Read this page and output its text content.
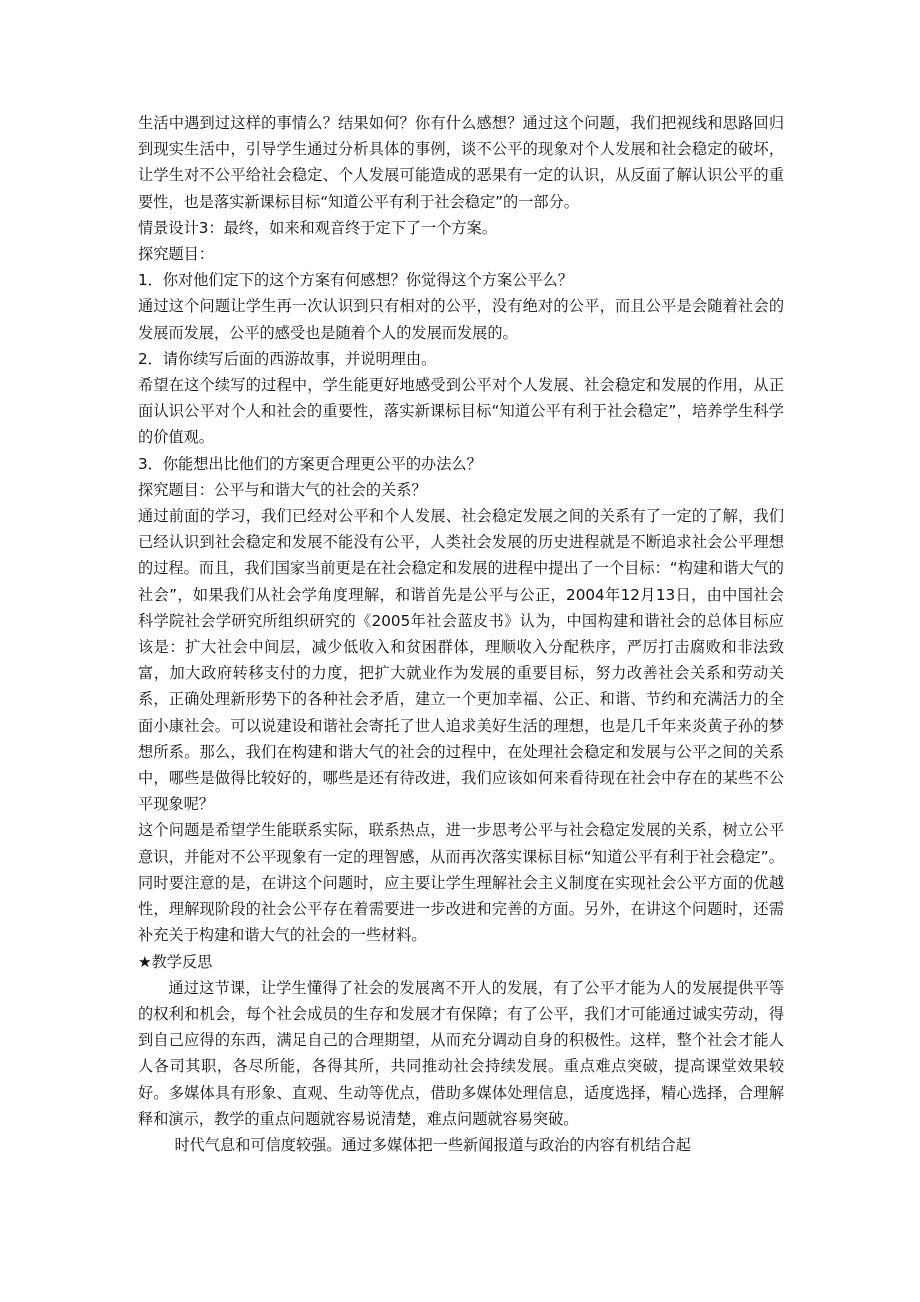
生活中遇到过这样的事情么？结果如何？你有什么感想？通过这个问题，我们把视线和思路回归到现实生活中，引导学生通过分析具体的事例，谈不公平的现象对个人发展和社会稳定的破坏，让学生对不公平给社会稳定、个人发展可能造成的恶果有一定的认识，从反面了解认识公平的重要性，也是落实新课标目标“知道公平有利于社会稳定”的一部分。

情景设计3：最终，如来和观音终于定下了一个方案。

探究题目：

1．你对他们定下的这个方案有何感想？你觉得这个方案公平么？

通过这个问题让学生再一次认识到只有相对的公平，没有绝对的公平，而且公平是会随着社会的发展而发展，公平的感受也是随着个人的发展而发展的。

2．请你续写后面的西游故事，并说明理由。

希望在这个续写的过程中，学生能更好地感受到公平对个人发展、社会稳定和发展的作用，从正面认识公平对个人和社会的重要性，落实新课标目标“知道公平有利于社会稳定”，培养学生科学的价值观。

3．你能想出比他们的方案更合理更公平的办法么？

探究题目：公平与和谐大气的社会的关系？

通过前面的学习，我们已经对公平和个人发展、社会稳定发展之间的关系有了一定的了解，我们已经认识到社会稳定和发展不能没有公平，人类社会发展的历史进程就是不断追求社会公平理想的过程。而且，我们国家当前更是在社会稳定和发展的进程中提出了一个目标：“构建和谐大气的社会”，如果我们从社会学角度理解，和谐首先是公平与公正，2004年12月13日，由中国社会科学院社会学研究所组织研究的《2005年社会蓝皮书》认为，中国构建和谐社会的总体目标应该是：扩大社会中间层，减少低收入和贫困群体，理顺收入分配秩序，严厉打击腐败和非法致富，加大政府转移支付的力度，把扩大就业作为发展的重要目标，努力改善社会关系和劳动关系，正确处理新形势下的各种社会矛盾，建立一个更加幸福、公正、和谐、节约和充满活力的全面小康社会。可以说建设和谐社会寄托了世人追求美好生活的理想，也是几千年来炎黄子孙的梦想所系。那么，我们在构建和谐大气的社会的过程中，在处理社会稳定和发展与公平之间的关系中，哪些是做得比较好的，哪些是还有待改进，我们应该如何来看待现在社会中存在的某些不公平现象呢？

这个问题是希望学生能联系实际，联系热点，进一步思考公平与社会稳定发展的关系，树立公平意识，并能对不公平现象有一定的理智感，从而再次落实课标目标“知道公平有利于社会稳定”。同时要注意的是，在讲这个问题时，应主要让学生理解社会主义制度在实现社会公平方面的优越性，理解现阶段的社会公平存在着需要进一步改进和完善的方面。另外，在讲这个问题时，还需补充关于构建和谐大气的社会的一些材料。

★教学反思

通过这节课，让学生懂得了社会的发展离不开人的发展，有了公平才能为人的发展提供平等的权利和机会，每个社会成员的生存和发展才有保障；有了公平，我们才可能通过诚实劳动，得到自己应得的东西，满足自己的合理期望，从而充分调动自身的积极性。这样，整个社会才能人人各司其职，各尽所能，各得其所，共同推动社会持续发展。重点难点突破，提高课堂效果较好。多媒体具有形象、直观、生动等优点，借助多媒体处理信息，适度选择，精心选择，合理解释和演示，教学的重点问题就容易说清楚，难点问题就容易突破。

时代气息和可信度较强。通过多媒体把一些新闻报道与政治的内容有机结合起
